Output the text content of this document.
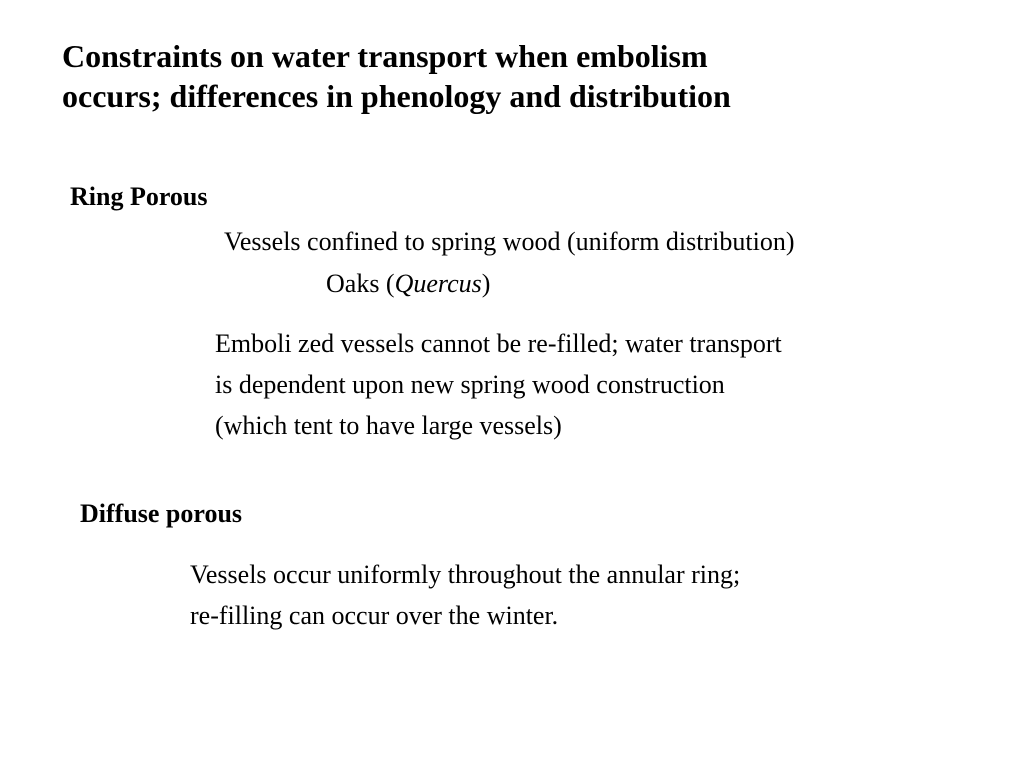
Constraints on water transport when embolism
occurs; differences in phenology and distribution
Ring Porous

Vessels confined to spring wood (uniform distribution)

Oaks (Quercus)

Emboli zed vessels cannot be re-filled; water transport
is dependent upon new spring wood construction
(which tent to have large vessels)

Diffuse porous

Vessels occur uniformly throughout the annular ring;
re-filling can occur over the winter.
